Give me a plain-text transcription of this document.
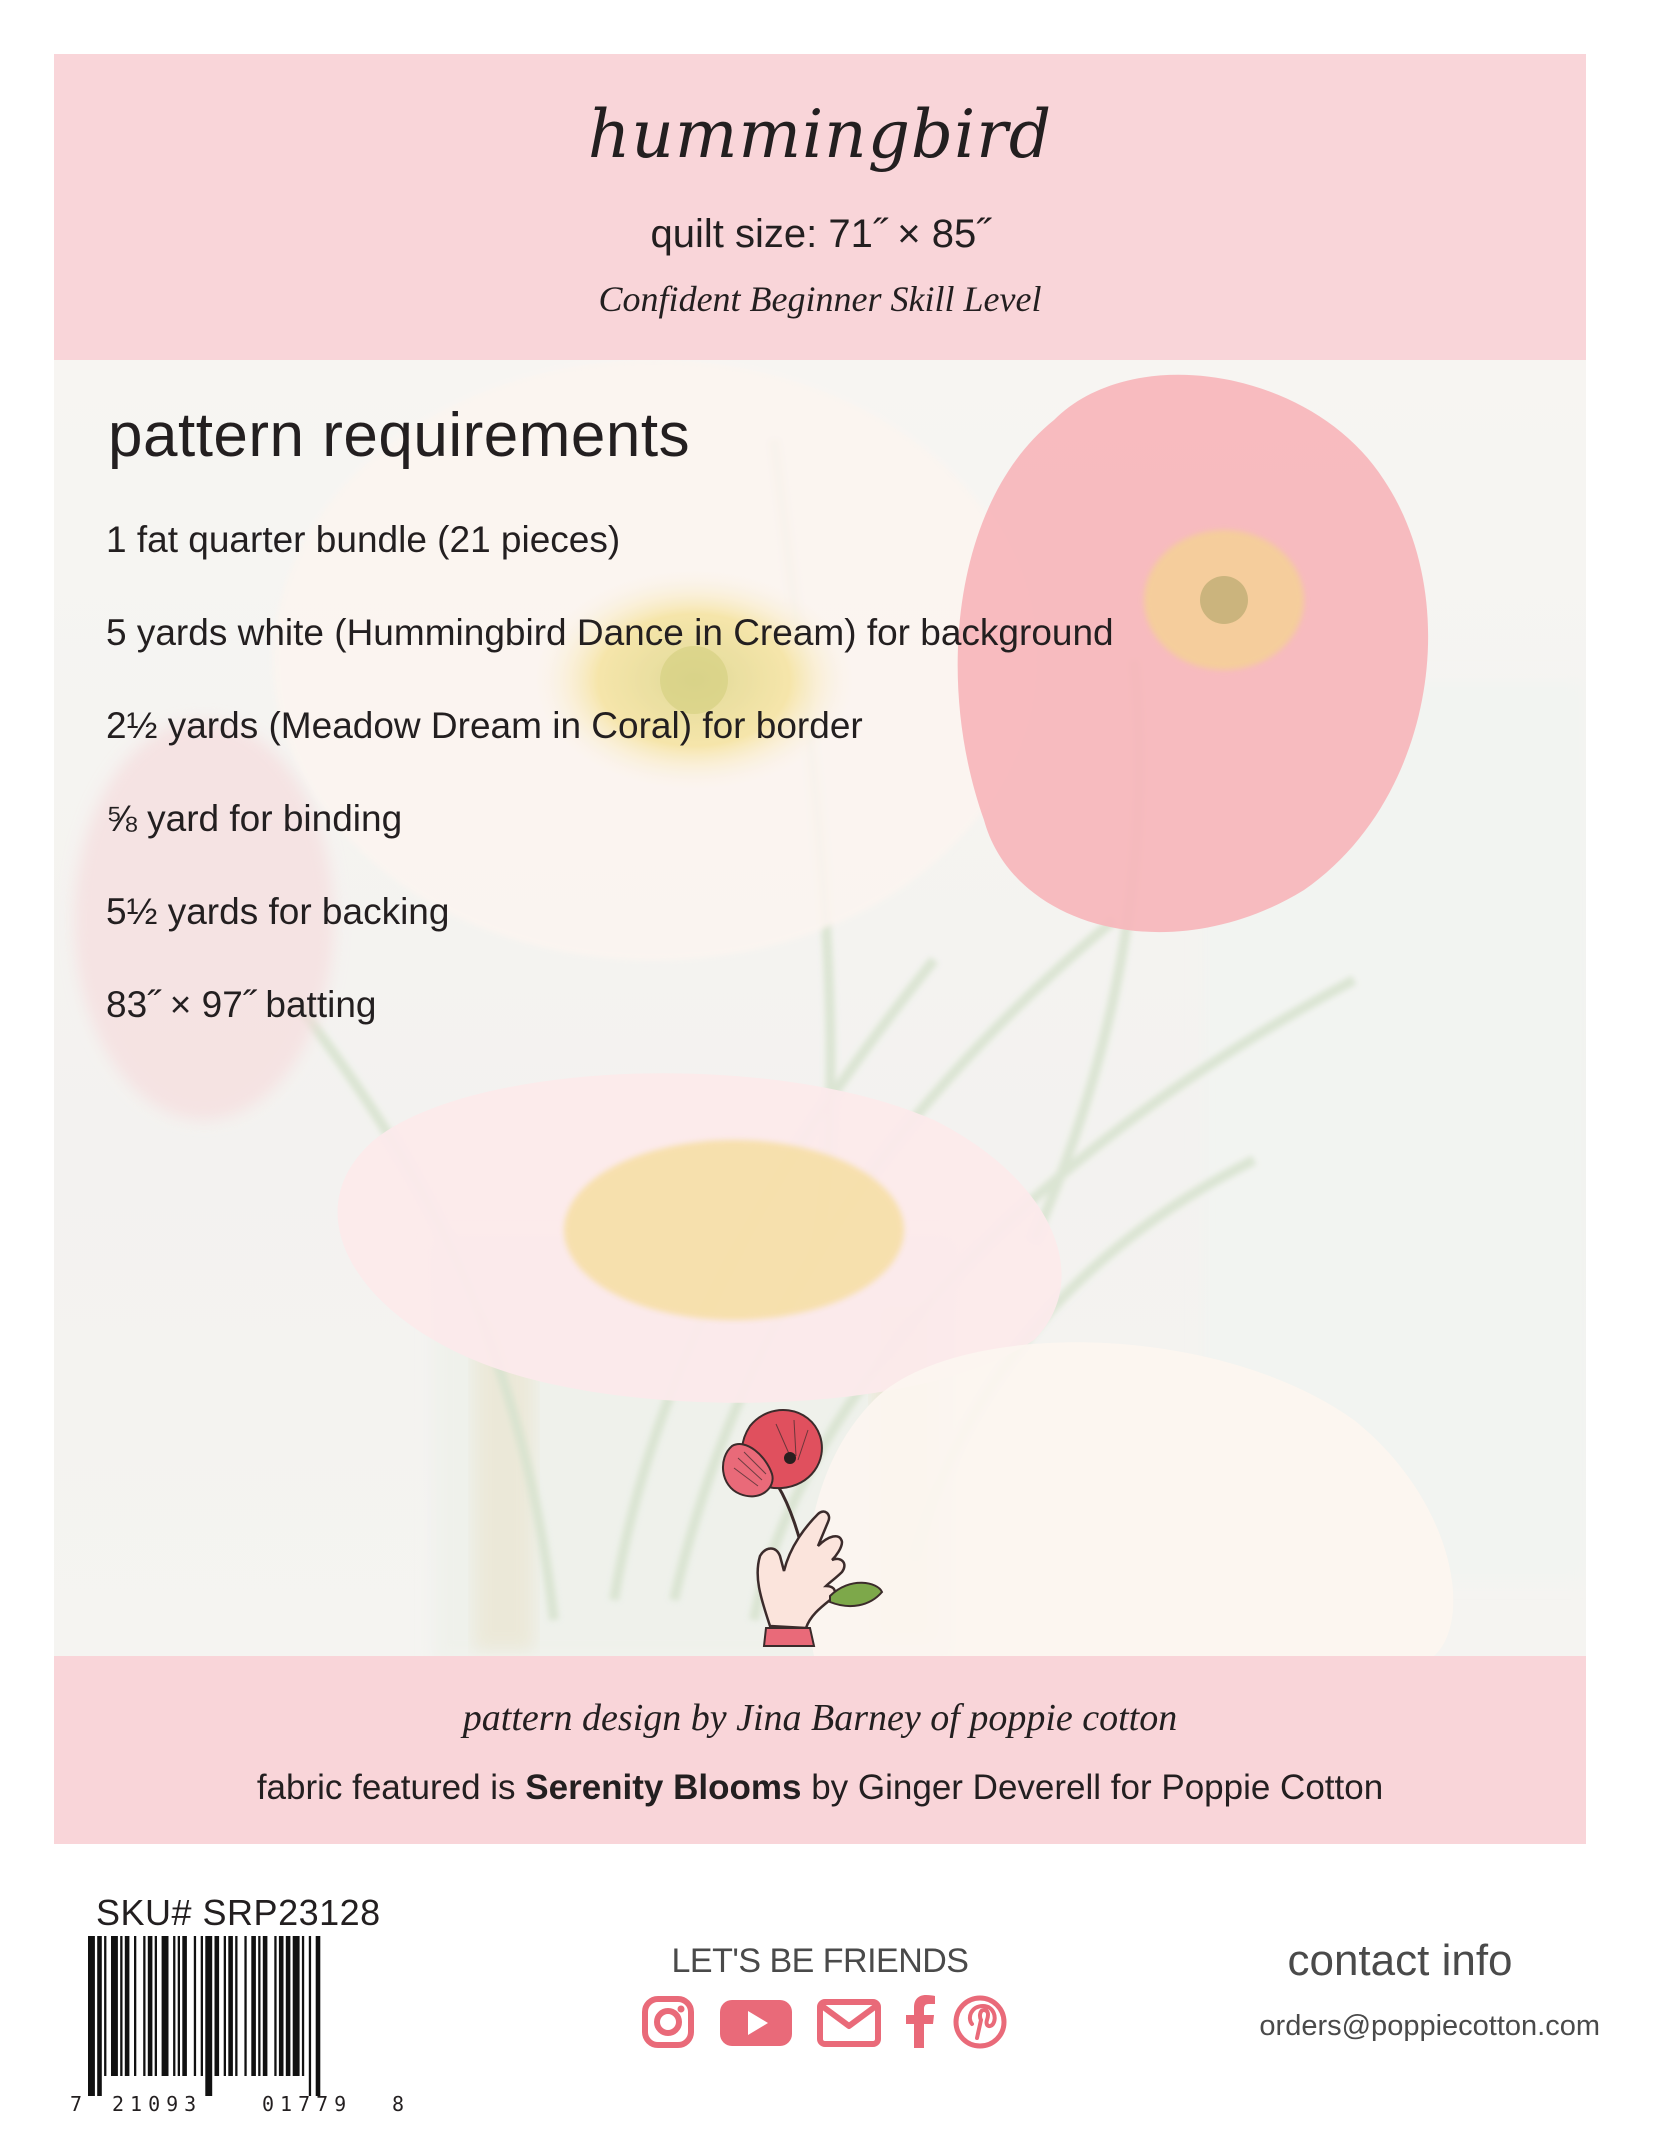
hummingbird
quilt size: 71˝ × 85˝
Confident Beginner Skill Level
pattern requirements
1 fat quarter bundle (21 pieces)
5 yards white (Hummingbird Dance in Cream) for background
2½ yards (Meadow Dream in Coral) for border
⅝ yard for binding
5½ yards for backing
83˝ × 97˝ batting
pattern design by Jina Barney of poppie cotton
fabric featured is Serenity Blooms by Ginger Deverell for Poppie Cotton
SKU# SRP23128
7 21093	01779 8
LET'S BE FRIENDS	contact info
orders@poppiecotton.com
